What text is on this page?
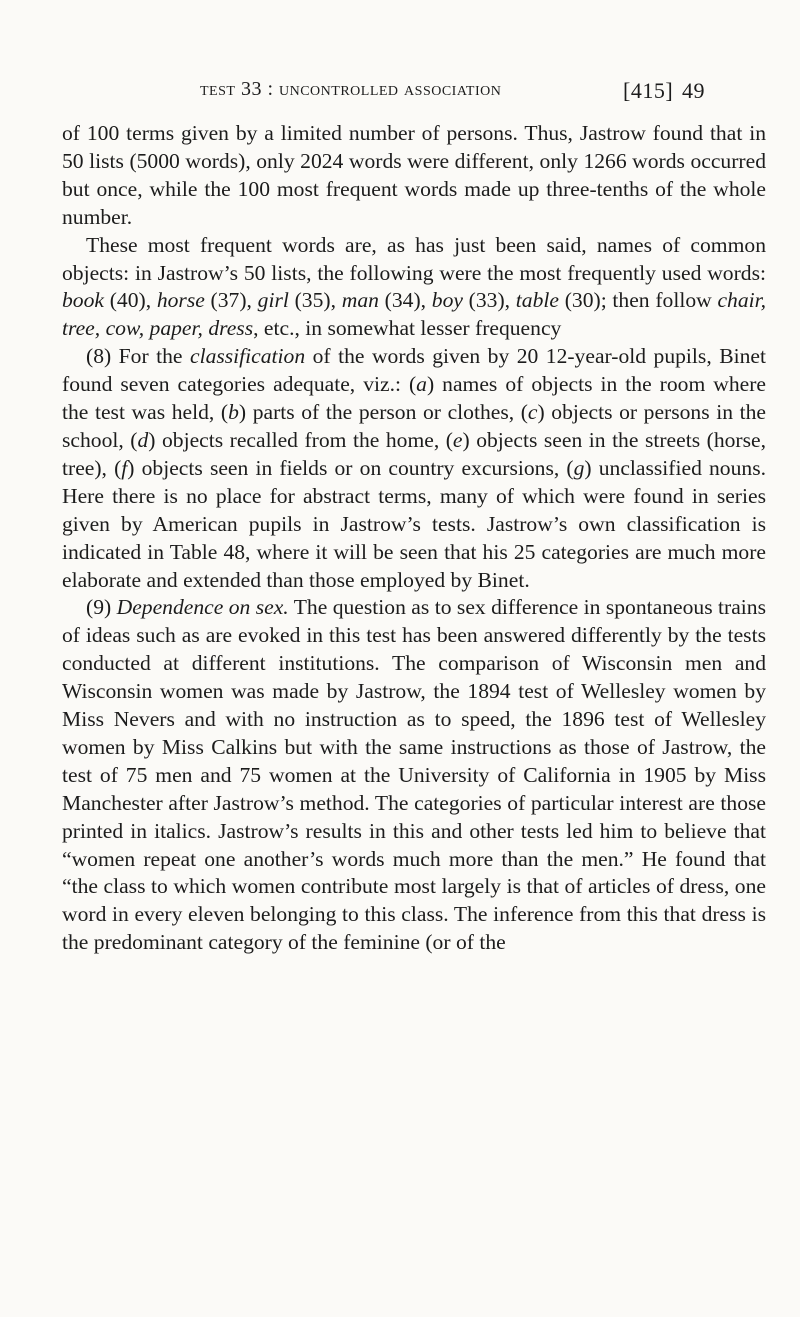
test 33 : uncontrolled association	[415] 49

of 100 terms given by a limited number of persons. Thus, Jastrow found that in 50 lists (5000 words), only 2024 words were different, only 1266 words occurred but once, while the 100 most frequent words made up three-tenths of the whole number.

These most frequent words are, as has just been said, names of common objects: in Jastrow’s 50 lists, the following were the most frequently used words: book (40), horse (37), girl (35), man (34), boy (33), table (30); then follow chair, tree, cow, paper, dress, etc., in somewhat lesser frequency

(8) For the classification of the words given by 20 12-year-old pupils, Binet found seven categories adequate, viz.: (a) names of objects in the room where the test was held, (b) parts of the person or clothes, (c) objects or persons in the school, (d) objects recalled from the home, (e) objects seen in the streets (horse, tree), (f) objects seen in fields or on country excursions, (g) unclassified nouns. Here there is no place for abstract terms, many of which were found in series given by American pupils in Jastrow’s tests. Jastrow’s own classification is indicated in Table 48, where it will be seen that his 25 categories are much more elaborate and extended than those employed by Binet.

(9) Dependence on sex. The question as to sex difference in spontaneous trains of ideas such as are evoked in this test has been answered differently by the tests conducted at different institutions. The comparison of Wisconsin men and Wisconsin women was made by Jastrow, the 1894 test of Wellesley women by Miss Nevers and with no instruction as to speed, the 1896 test of Wellesley women by Miss Calkins but with the same instructions as those of Jastrow, the test of 75 men and 75 women at the University of California in 1905 by Miss Manchester after Jastrow’s method. The categories of particular interest are those printed in italics. Jastrow’s results in this and other tests led him to believe that “women repeat one another’s words much more than the men.” He found that “the class to which women contribute most largely is that of articles of dress, one word in every eleven belonging to this class. The inference from this that dress is the predominant category of the feminine (or of the
